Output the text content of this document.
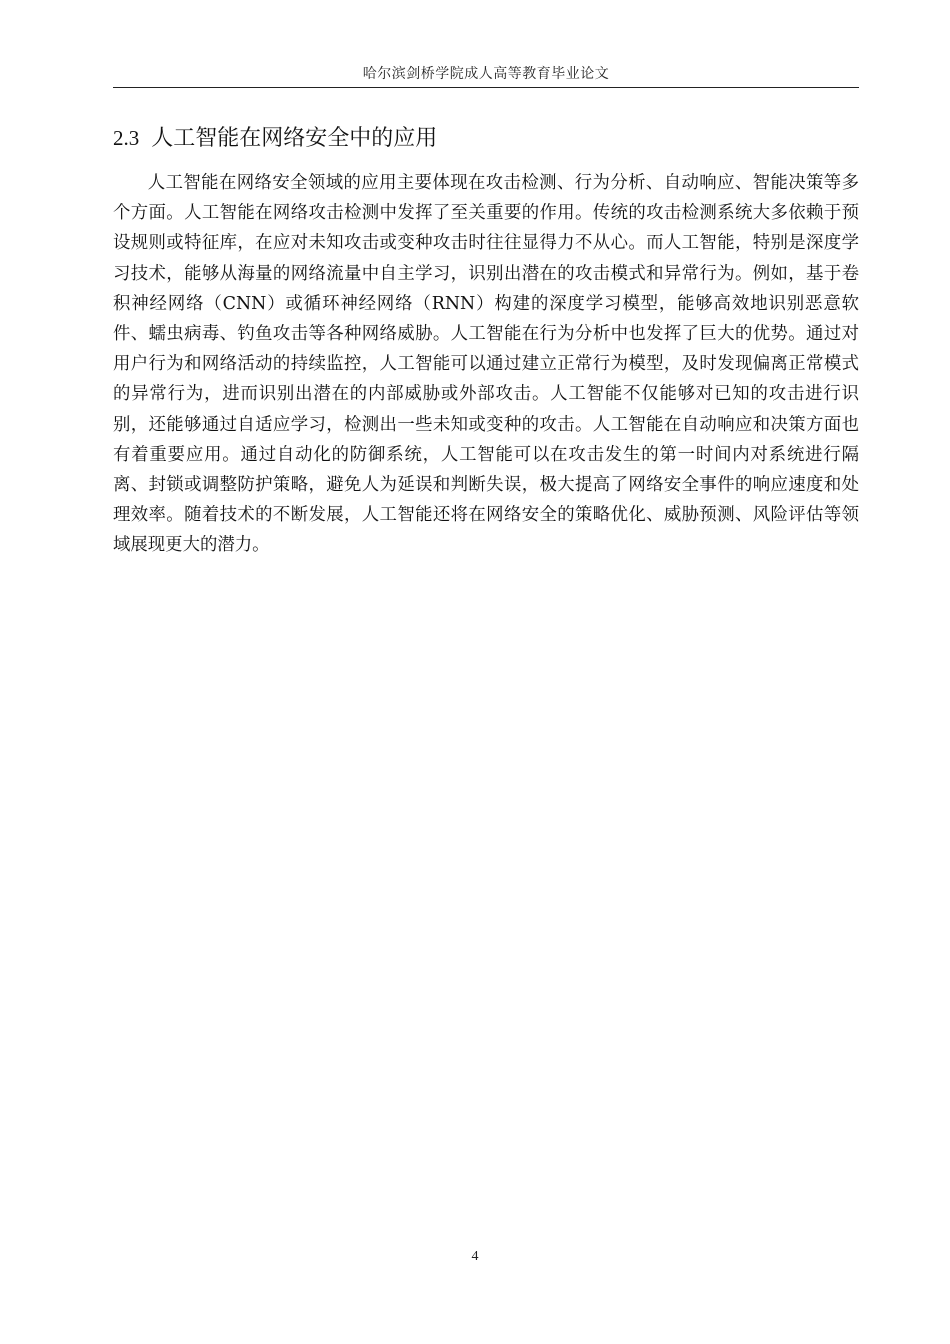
哈尔滨剑桥学院成人高等教育毕业论文
2.3 人工智能在网络安全中的应用

人工智能在网络安全领域的应用主要体现在攻击检测、行为分析、自动响应、智能决策等多个方面。人工智能在网络攻击检测中发挥了至关重要的作用。传统的攻击检测系统大多依赖于预设规则或特征库，在应对未知攻击或变种攻击时往往显得力不从心。而人工智能，特别是深度学习技术，能够从海量的网络流量中自主学习，识别出潜在的攻击模式和异常行为。例如，基于卷积神经网络（CNN）或循环神经网络（RNN）构建的深度学习模型，能够高效地识别恶意软件、蠕虫病毒、钓鱼攻击等各种网络威胁。人工智能在行为分析中也发挥了巨大的优势。通过对用户行为和网络活动的持续监控，人工智能可以通过建立正常行为模型，及时发现偏离正常模式的异常行为，进而识别出潜在的内部威胁或外部攻击。人工智能不仅能够对已知的攻击进行识别，还能够通过自适应学习，检测出一些未知或变种的攻击。人工智能在自动响应和决策方面也有着重要应用。通过自动化的防御系统，人工智能可以在攻击发生的第一时间内对系统进行隔离、封锁或调整防护策略，避免人为延误和判断失误，极大提高了网络安全事件的响应速度和处理效率。随着技术的不断发展，人工智能还将在网络安全的策略优化、威胁预测、风险评估等领域展现更大的潜力。

4
